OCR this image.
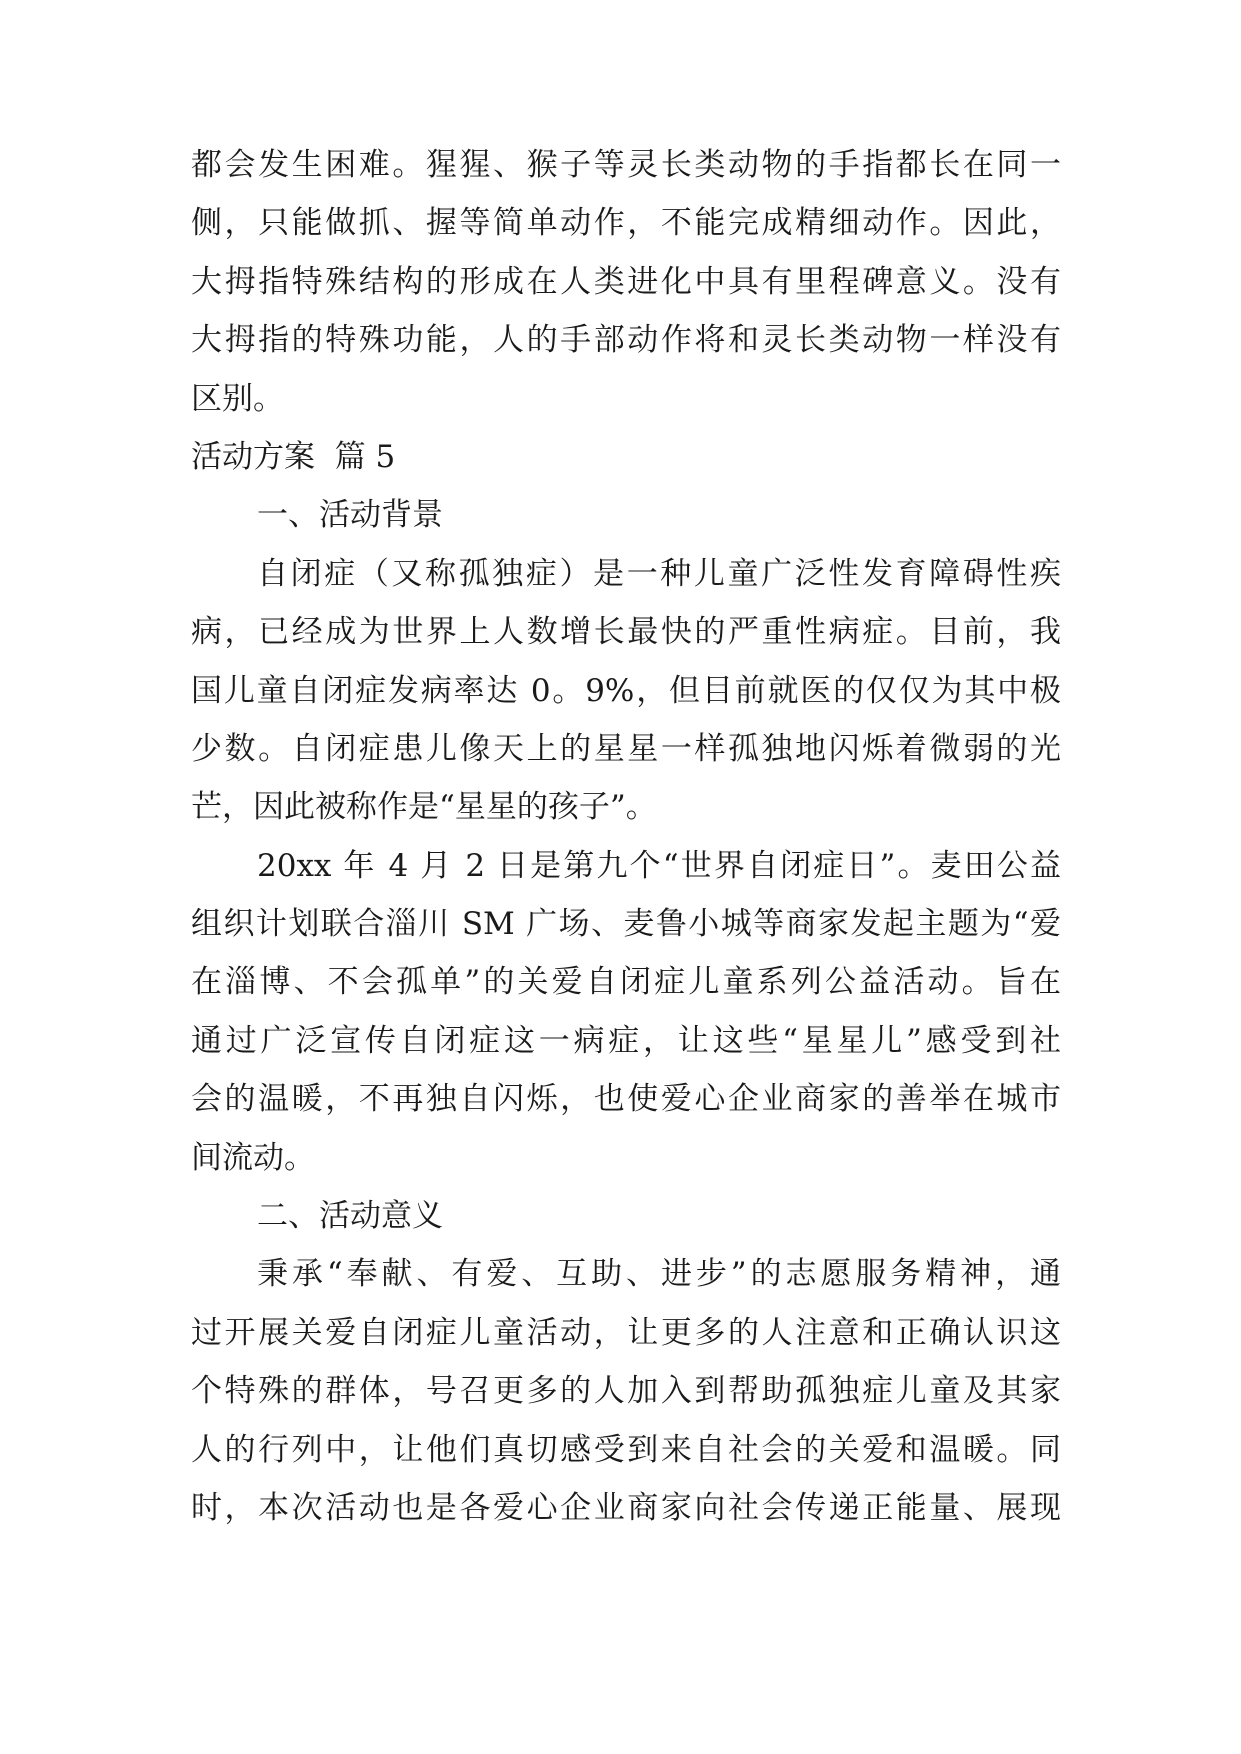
都会发生困难。猩猩、猴子等灵长类动物的手指都长在同一
侧，只能做抓、握等简单动作，不能完成精细动作。因此，
大拇指特殊结构的形成在人类进化中具有里程碑意义。没有
大拇指的特殊功能，人的手部动作将和灵长类动物一样没有
区别。
活动方案  篇 5
一、活动背景
自闭症（又称孤独症）是一种儿童广泛性发育障碍性疾
病，已经成为世界上人数增长最快的严重性病症。目前，我
国儿童自闭症发病率达 0。9%，但目前就医的仅仅为其中极
少数。自闭症患儿像天上的星星一样孤独地闪烁着微弱的光
芒，因此被称作是“星星的孩子”。
20xx 年 4 月 2 日是第九个“世界自闭症日”。麦田公益
组织计划联合淄川 SM 广场、麦鲁小城等商家发起主题为“爱
在淄博、不会孤单”的关爱自闭症儿童系列公益活动。旨在
通过广泛宣传自闭症这一病症，让这些“星星儿”感受到社
会的温暖，不再独自闪烁，也使爱心企业商家的善举在城市
间流动。
二、活动意义
秉承“奉献、有爱、互助、进步”的志愿服务精神，通
过开展关爱自闭症儿童活动，让更多的人注意和正确认识这
个特殊的群体，号召更多的人加入到帮助孤独症儿童及其家
人的行列中，让他们真切感受到来自社会的关爱和温暖。同
时，本次活动也是各爱心企业商家向社会传递正能量、展现
